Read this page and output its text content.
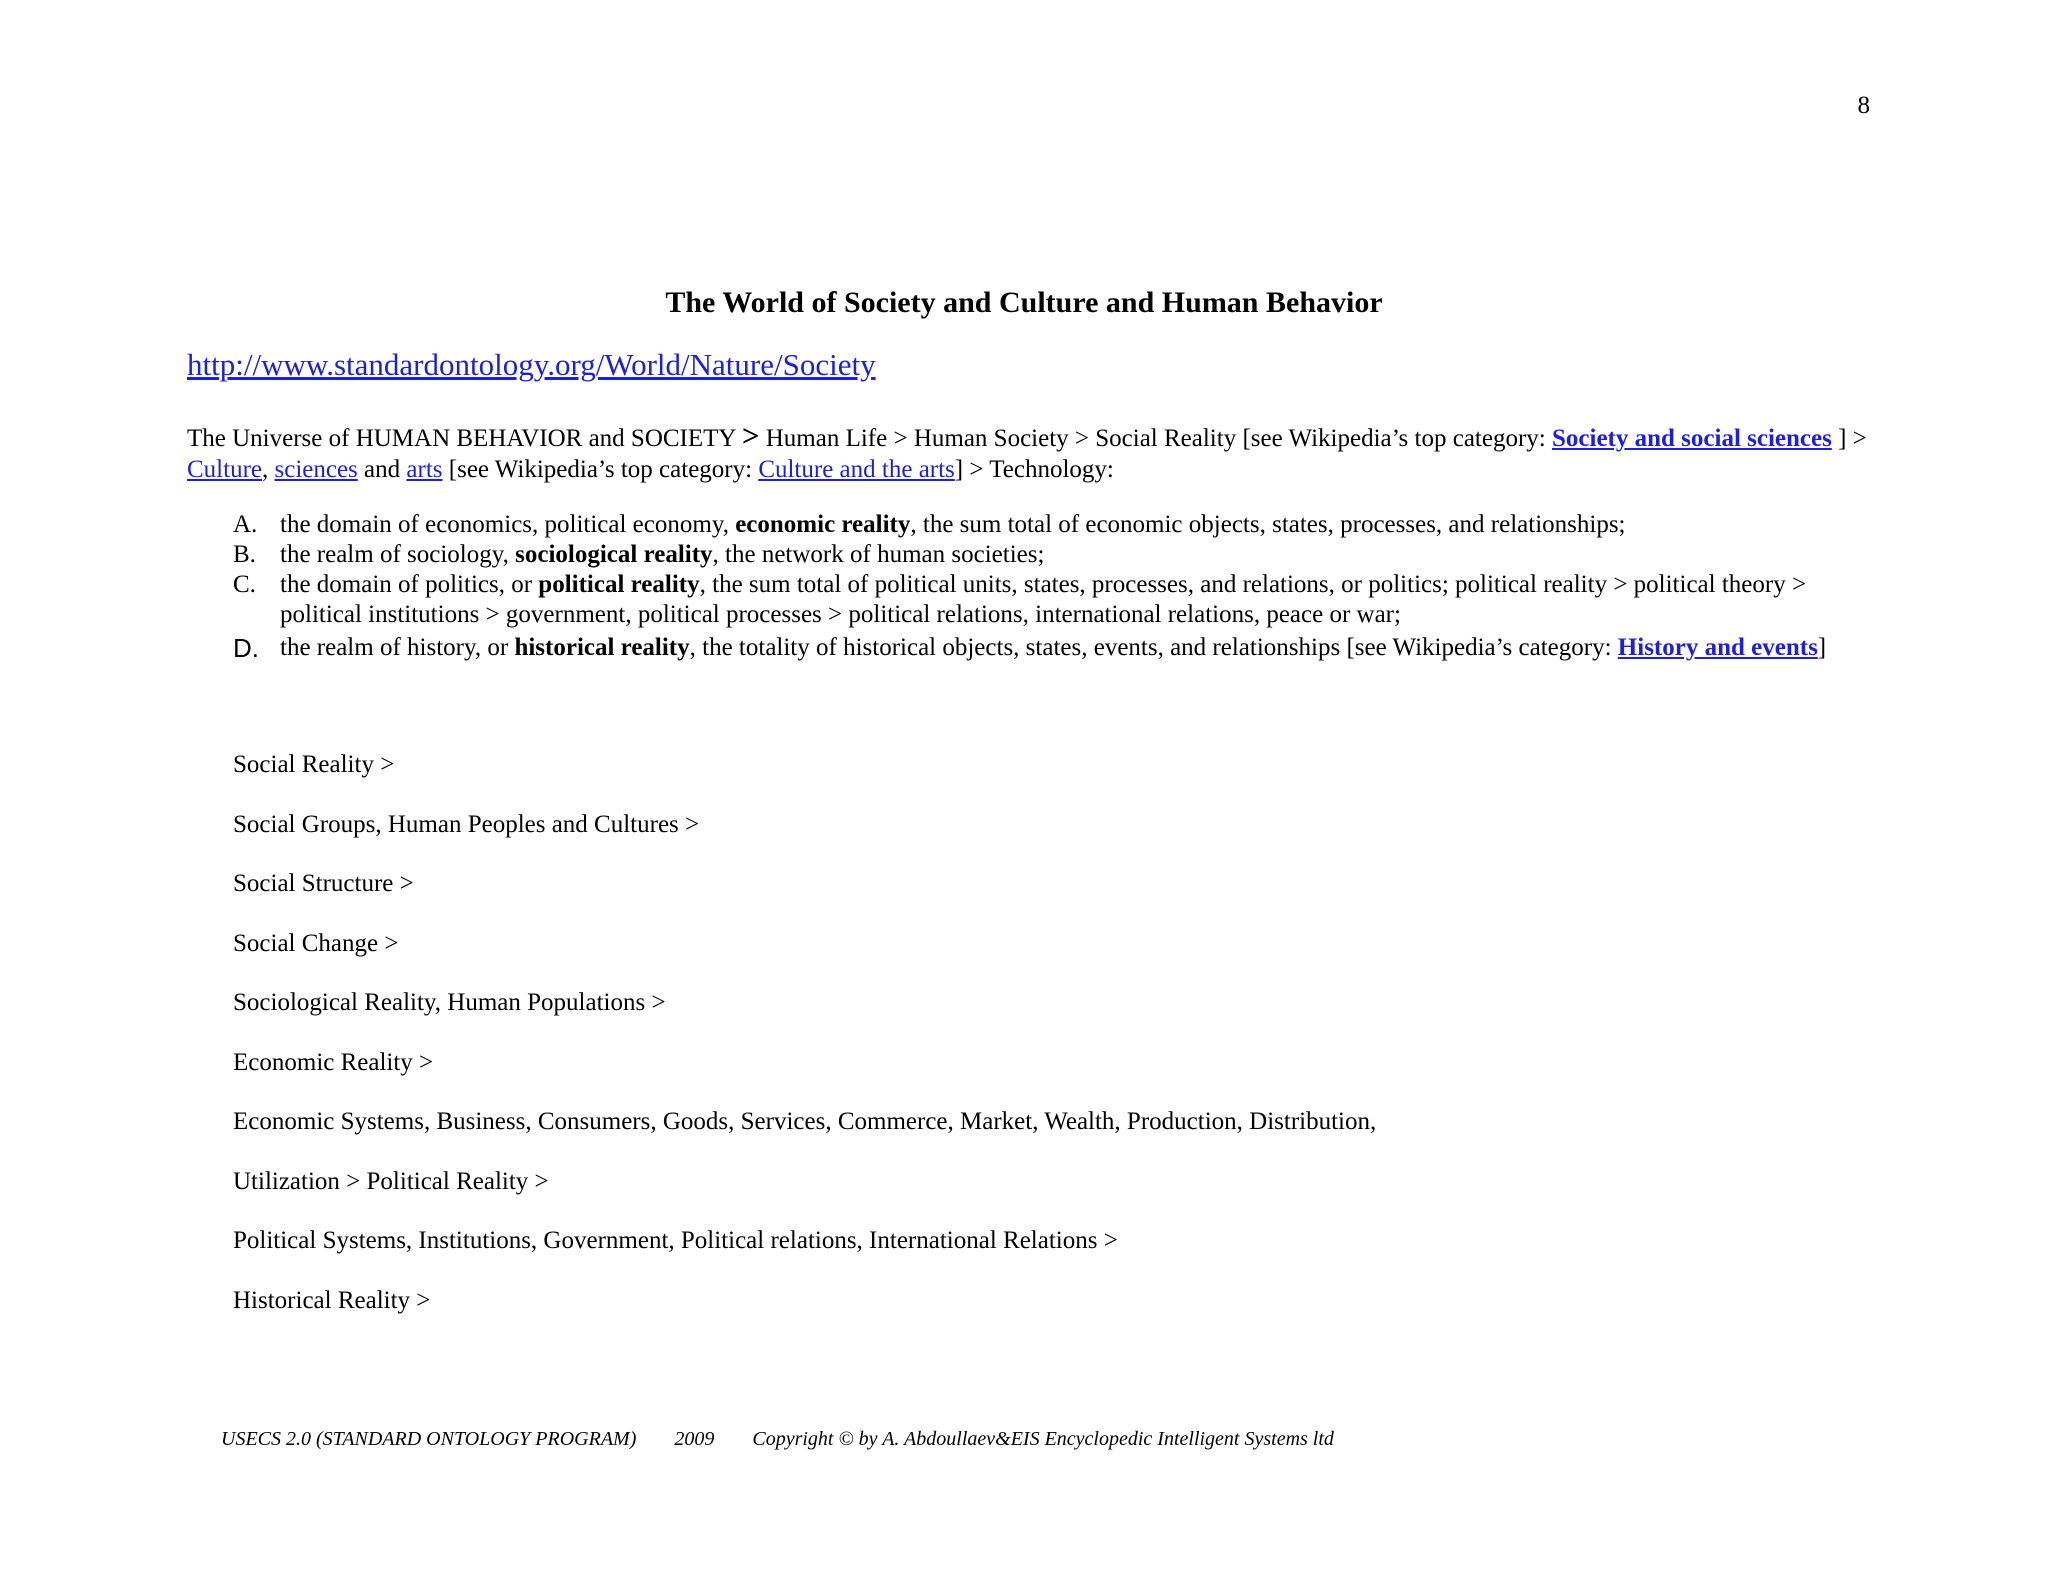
8
The World of Society and Culture and Human Behavior
http://www.standardontology.org/World/Nature/Society
The Universe of HUMAN BEHAVIOR and SOCIETY > Human Life > Human Society > Social Reality [see Wikipedia’s top category: Society and social sciences ] > Culture, sciences and arts [see Wikipedia’s top category: Culture and the arts] > Technology:
A. the domain of economics, political economy, economic reality, the sum total of economic objects, states, processes, and relationships;
B. the realm of sociology, sociological reality, the network of human societies;
C. the domain of politics, or political reality, the sum total of political units, states, processes, and relations, or politics; political reality > political theory > political institutions > government, political processes > political relations, international relations, peace or war;
D. the realm of history, or historical reality, the totality of historical objects, states, events, and relationships [see Wikipedia’s category: History and events]
Social Reality >
Social Groups, Human Peoples and Cultures >
Social Structure >
Social Change >
Sociological Reality, Human Populations >
Economic Reality >
Economic Systems, Business, Consumers, Goods, Services, Commerce, Market, Wealth, Production, Distribution,
Utilization > Political Reality >
Political Systems, Institutions, Government, Political relations, International Relations >
Historical Reality >
USECS 2.0 (STANDARD ONTOLOGY PROGRAM) 2009 Copyright © by A. Abdoullaev&EIS Encyclopedic Intelligent Systems ltd
